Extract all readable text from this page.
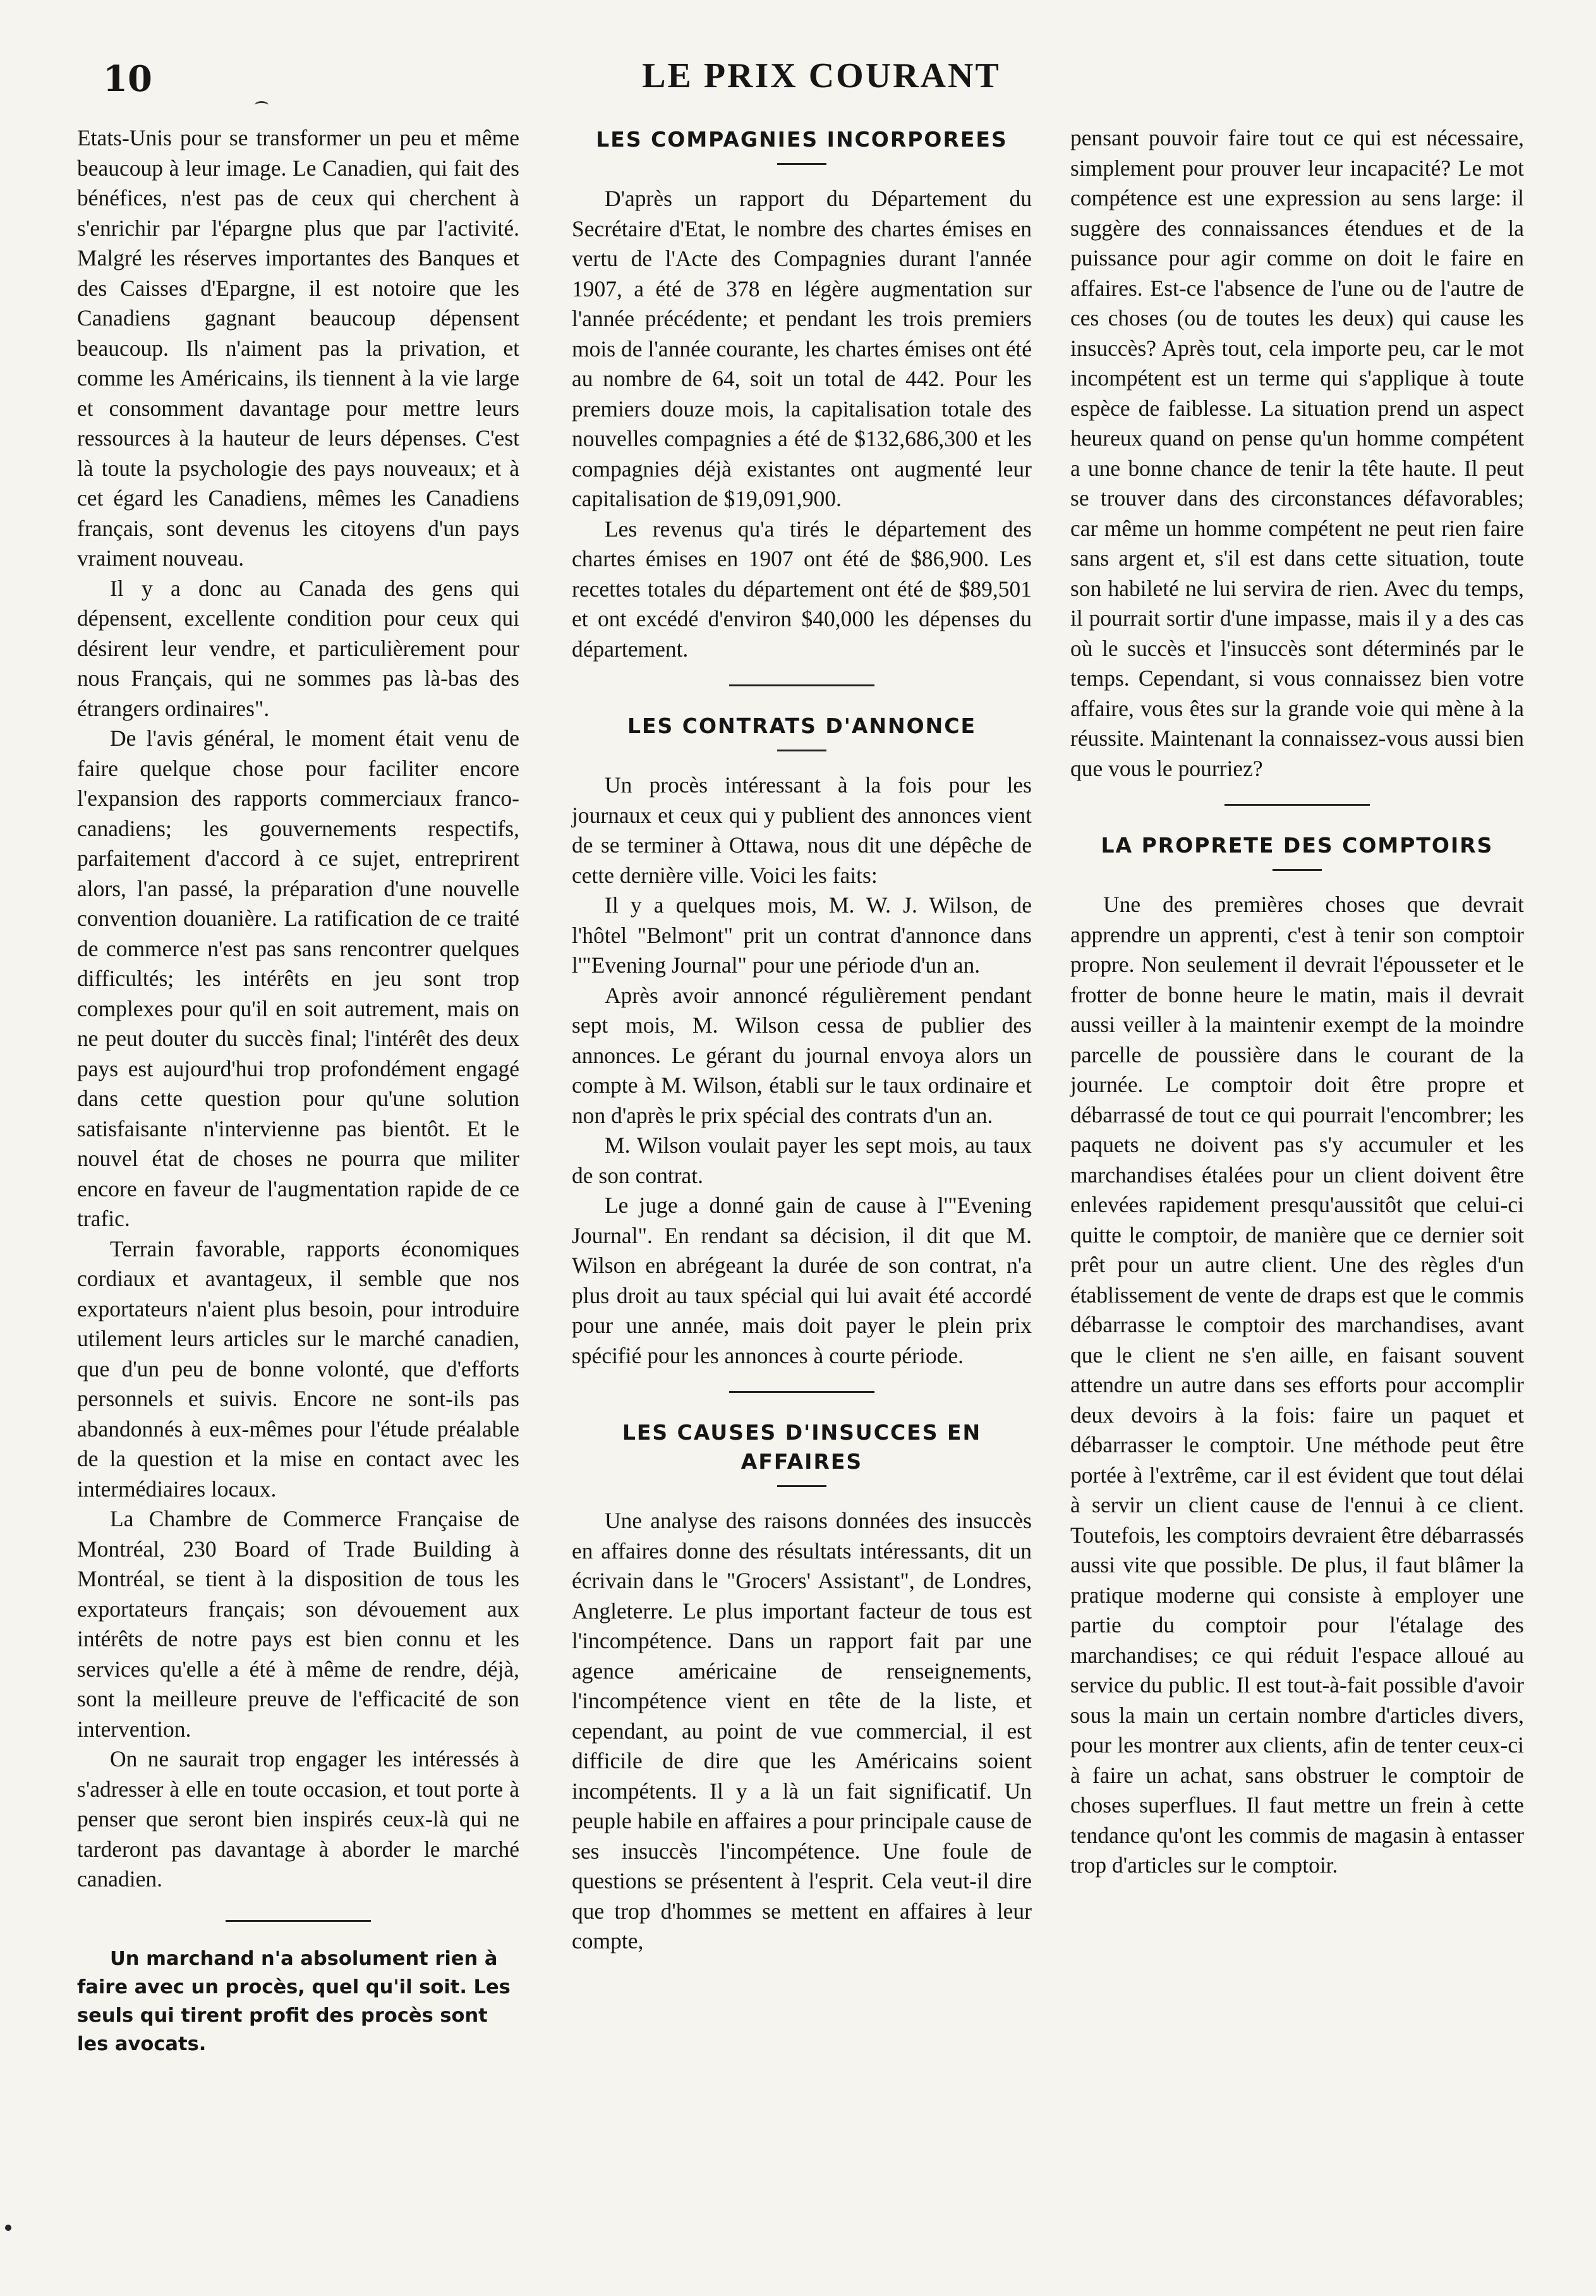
10	LE PRIX COURANT

Etats-Unis pour se transformer un peu et même beaucoup à leur image. Le Canadien, qui fait des bénéfices, n'est pas de ceux qui cherchent à s'enrichir par l'épargne plus que par l'activité. Malgré les réserves importantes des Banques et des Caisses d'Epargne, il est notoire que les Canadiens gagnant beaucoup dépensent beaucoup. Ils n'aiment pas la privation, et comme les Américains, ils tiennent à la vie large et consomment davantage pour mettre leurs ressources à la hauteur de leurs dépenses. C'est là toute la psychologie des pays nouveaux; et à cet égard les Canadiens, mêmes les Canadiens français, sont devenus les citoyens d'un pays vraiment nouveau.

Il y a donc au Canada des gens qui dépensent, excellente condition pour ceux qui désirent leur vendre, et particulièrement pour nous Français, qui ne sommes pas là-bas des étrangers ordinaires".

De l'avis général, le moment était venu de faire quelque chose pour faciliter encore l'expansion des rapports commerciaux franco-canadiens; les gouvernements respectifs, parfaitement d'accord à ce sujet, entreprirent alors, l'an passé, la préparation d'une nouvelle convention douanière. La ratification de ce traité de commerce n'est pas sans rencontrer quelques difficultés; les intérêts en jeu sont trop complexes pour qu'il en soit autrement, mais on ne peut douter du succès final; l'intérêt des deux pays est aujourd'hui trop profondément engagé dans cette question pour qu'une solution satisfaisante n'intervienne pas bientôt. Et le nouvel état de choses ne pourra que militer encore en faveur de l'augmentation rapide de ce trafic.

Terrain favorable, rapports économiques cordiaux et avantageux, il semble que nos exportateurs n'aient plus besoin, pour introduire utilement leurs articles sur le marché canadien, que d'un peu de bonne volonté, que d'efforts personnels et suivis. Encore ne sont-ils pas abandonnés à eux-mêmes pour l'étude préalable de la question et la mise en contact avec les intermédiaires locaux.

La Chambre de Commerce Française de Montréal, 230 Board of Trade Building à Montréal, se tient à la disposition de tous les exportateurs français; son dévouement aux intérêts de notre pays est bien connu et les services qu'elle a été à même de rendre, déjà, sont la meilleure preuve de l'efficacité de son intervention.

On ne saurait trop engager les intéressés à s'adresser à elle en toute occasion, et tout porte à penser que seront bien inspirés ceux-là qui ne tarderont pas davantage à aborder le marché canadien.

Un marchand n'a absolument rien à faire avec un procès, quel qu'il soit. Les seuls qui tirent profit des procès sont les avocats.

LES COMPAGNIES INCORPOREES

D'après un rapport du Département du Secrétaire d'Etat, le nombre des chartes émises en vertu de l'Acte des Compagnies durant l'année 1907, a été de 378 en légère augmentation sur l'année précédente; et pendant les trois premiers mois de l'année courante, les chartes émises ont été au nombre de 64, soit un total de 442. Pour les premiers douze mois, la capitalisation totale des nouvelles compagnies a été de $132,686,300 et les compagnies déjà existantes ont augmenté leur capitalisation de $19,091,900.

Les revenus qu'a tirés le département des chartes émises en 1907 ont été de $86,900. Les recettes totales du département ont été de $89,501 et ont excédé d'environ $40,000 les dépenses du département.

LES CONTRATS D'ANNONCE

Un procès intéressant à la fois pour les journaux et ceux qui y publient des annonces vient de se terminer à Ottawa, nous dit une dépêche de cette dernière ville. Voici les faits:

Il y a quelques mois, M. W. J. Wilson, de l'hôtel "Belmont" prit un contrat d'annonce dans l'"Evening Journal" pour une période d'un an.

Après avoir annoncé régulièrement pendant sept mois, M. Wilson cessa de publier des annonces. Le gérant du journal envoya alors un compte à M. Wilson, établi sur le taux ordinaire et non d'après le prix spécial des contrats d'un an.

M. Wilson voulait payer les sept mois, au taux de son contrat.

Le juge a donné gain de cause à l'"Evening Journal". En rendant sa décision, il dit que M. Wilson en abrégeant la durée de son contrat, n'a plus droit au taux spécial qui lui avait été accordé pour une année, mais doit payer le plein prix spécifié pour les annonces à courte période.

LES CAUSES D'INSUCCES EN
AFFAIRES

Une analyse des raisons données des insuccès en affaires donne des résultats intéressants, dit un écrivain dans le "Grocers' Assistant", de Londres, Angleterre. Le plus important facteur de tous est l'incompétence. Dans un rapport fait par une agence américaine de renseignements, l'incompétence vient en tête de la liste, et cependant, au point de vue commercial, il est difficile de dire que les Américains soient incompétents. Il y a là un fait significatif. Un peuple habile en affaires a pour principale cause de ses insuccès l'incompétence. Une foule de questions se présentent à l'esprit. Cela veut-il dire que trop d'hommes se mettent en affaires à leur compte,

pensant pouvoir faire tout ce qui est nécessaire, simplement pour prouver leur incapacité? Le mot compétence est une expression au sens large: il suggère des connaissances étendues et de la puissance pour agir comme on doit le faire en affaires. Est-ce l'absence de l'une ou de l'autre de ces choses (ou de toutes les deux) qui cause les insuccès? Après tout, cela importe peu, car le mot incompétent est un terme qui s'applique à toute espèce de faiblesse. La situation prend un aspect heureux quand on pense qu'un homme compétent a une bonne chance de tenir la tête haute. Il peut se trouver dans des circonstances défavorables; car même un homme compétent ne peut rien faire sans argent et, s'il est dans cette situation, toute son habileté ne lui servira de rien. Avec du temps, il pourrait sortir d'une impasse, mais il y a des cas où le succès et l'insuccès sont déterminés par le temps. Cependant, si vous connaissez bien votre affaire, vous êtes sur la grande voie qui mène à la réussite. Maintenant la connaissez-vous aussi bien que vous le pourriez?

LA PROPRETE DES COMPTOIRS

Une des premières choses que devrait apprendre un apprenti, c'est à tenir son comptoir propre. Non seulement il devrait l'épousseter et le frotter de bonne heure le matin, mais il devrait aussi veiller à la maintenir exempt de la moindre parcelle de poussière dans le courant de la journée. Le comptoir doit être propre et débarrassé de tout ce qui pourrait l'encombrer; les paquets ne doivent pas s'y accumuler et les marchandises étalées pour un client doivent être enlevées rapidement presqu'aussitôt que celui-ci quitte le comptoir, de manière que ce dernier soit prêt pour un autre client. Une des règles d'un établissement de vente de draps est que le commis débarrasse le comptoir des marchandises, avant que le client ne s'en aille, en faisant souvent attendre un autre dans ses efforts pour accomplir deux devoirs à la fois: faire un paquet et débarrasser le comptoir. Une méthode peut être portée à l'extrême, car il est évident que tout délai à servir un client cause de l'ennui à ce client. Toutefois, les comptoirs devraient être débarrassés aussi vite que possible. De plus, il faut blâmer la pratique moderne qui consiste à employer une partie du comptoir pour l'étalage des marchandises; ce qui réduit l'espace alloué au service du public. Il est tout-à-fait possible d'avoir sous la main un certain nombre d'articles divers, pour les montrer aux clients, afin de tenter ceux-ci à faire un achat, sans obstruer le comptoir de choses superflues. Il faut mettre un frein à cette tendance qu'ont les commis de magasin à entasser trop d'articles sur le comptoir.
